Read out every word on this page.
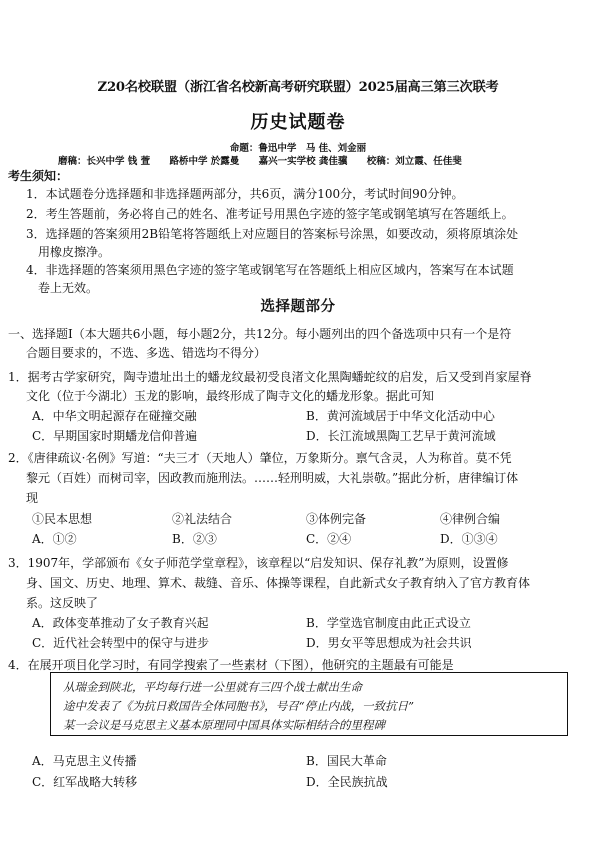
Z20名校联盟（浙江省名校新高考研究联盟）2025届高三第三次联考
历史试题卷
命题：鲁迅中学　马 佳、刘金丽
磨稿：长兴中学 钱 萱 路桥中学 於露曼 嘉兴一实学校 龚佳骥 校稿：刘立霞、任佳斐
考生须知：
1．本试题卷分选择题和非选择题两部分，共6页，满分100分，考试时间90分钟。
2．考生答题前，务必将自己的姓名、准考证号用黑色字迹的签字笔或钢笔填写在答题纸上。
3．选择题的答案须用2B铅笔将答题纸上对应题目的答案标号涂黑，如要改动，须将原填涂处
用橡皮擦净。
4．非选择题的答案须用黑色字迹的签字笔或钢笔写在答题纸上相应区域内，答案写在本试题
卷上无效。
选择题部分
一、选择题Ⅰ（本大题共6小题，每小题2分，共12分。每小题列出的四个备选项中只有一个是符
合题目要求的，不选、多选、错选均不得分）
1．据考古学家研究，陶寺遗址出土的蟠龙纹最初受良渚文化黑陶蟠蛇纹的启发，后又受到肖家屋脊
文化（位于今湖北）玉龙的影响，最终形成了陶寺文化的蟠龙形象。据此可知
A．中华文明起源存在碰撞交融	B．黄河流域居于中华文化活动中心
C．早期国家时期蟠龙信仰普遍	D．长江流域黑陶工艺早于黄河流域
2．《唐律疏议·名例》写道：“夫三才（天地人）肇位，万象斯分。禀气含灵，人为称首。莫不凭
黎元（百姓）而树司宰，因政教而施刑法。……轻刑明威，大礼崇敬。”据此分析，唐律编订体
现
①民本思想	②礼法结合	③体例完备	④律例合编
A．①②	B．②③	C．②④	D．①③④
3．1907年，学部颁布《女子师范学堂章程》，该章程以“启发知识、保存礼教”为原则，设置修
身、国文、历史、地理、算术、裁缝、音乐、体操等课程，自此新式女子教育纳入了官方教育体
系。这反映了
A．政体变革推动了女子教育兴起	B．学堂选官制度由此正式设立
C．近代社会转型中的保守与进步	D．男女平等思想成为社会共识
4．在展开项目化学习时，有同学搜索了一些素材（下图），他研究的主题最有可能是
从瑞金到陕北，平均每行进一公里就有三四个战士献出生命
途中发表了《为抗日救国告全体同胞书》，号召“停止内战，一致抗日”
某一会议是马克思主义基本原理同中国具体实际相结合的里程碑
A．马克思主义传播	B．国民大革命
C．红军战略大转移	D．全民族抗战
